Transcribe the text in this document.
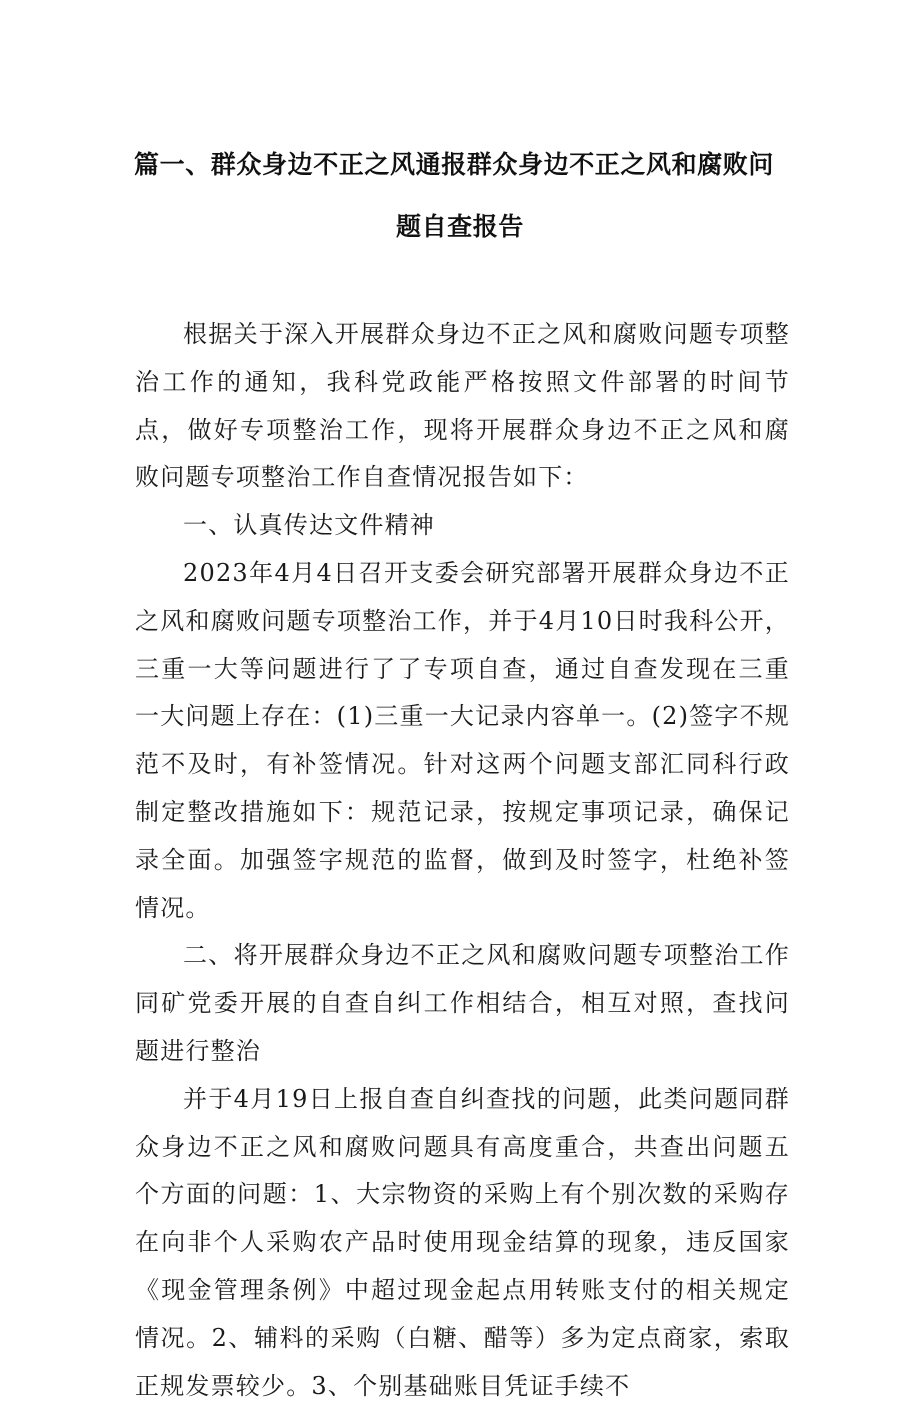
篇一、群众身边不正之风通报群众身边不正之风和腐败问
题自查报告

根据关于深入开展群众身边不正之风和腐败问题专项整治工作的通知，我科党政能严格按照文件部署的时间节点，做好专项整治工作，现将开展群众身边不正之风和腐败问题专项整治工作自查情况报告如下：

一、认真传达文件精神

2023年4月4日召开支委会研究部署开展群众身边不正之风和腐败问题专项整治工作，并于4月10日时我科公开，三重一大等问题进行了了专项自查，通过自查发现在三重一大问题上存在：(1)三重一大记录内容单一。(2)签字不规范不及时，有补签情况。针对这两个问题支部汇同科行政制定整改措施如下：规范记录，按规定事项记录，确保记录全面。加强签字规范的监督，做到及时签字，杜绝补签情况。

二、将开展群众身边不正之风和腐败问题专项整治工作同矿党委开展的自查自纠工作相结合，相互对照，查找问题进行整治

并于4月19日上报自查自纠查找的问题，此类问题同群众身边不正之风和腐败问题具有高度重合，共查出问题五个方面的问题：1、大宗物资的采购上有个别次数的采购存在向非个人采购农产品时使用现金结算的现象，违反国家《现金管理条例》中超过现金起点用转账支付的相关规定情况。2、辅料的采购（白糖、醋等）多为定点商家，索取正规发票较少。3、个别基础账目凭证手续不
